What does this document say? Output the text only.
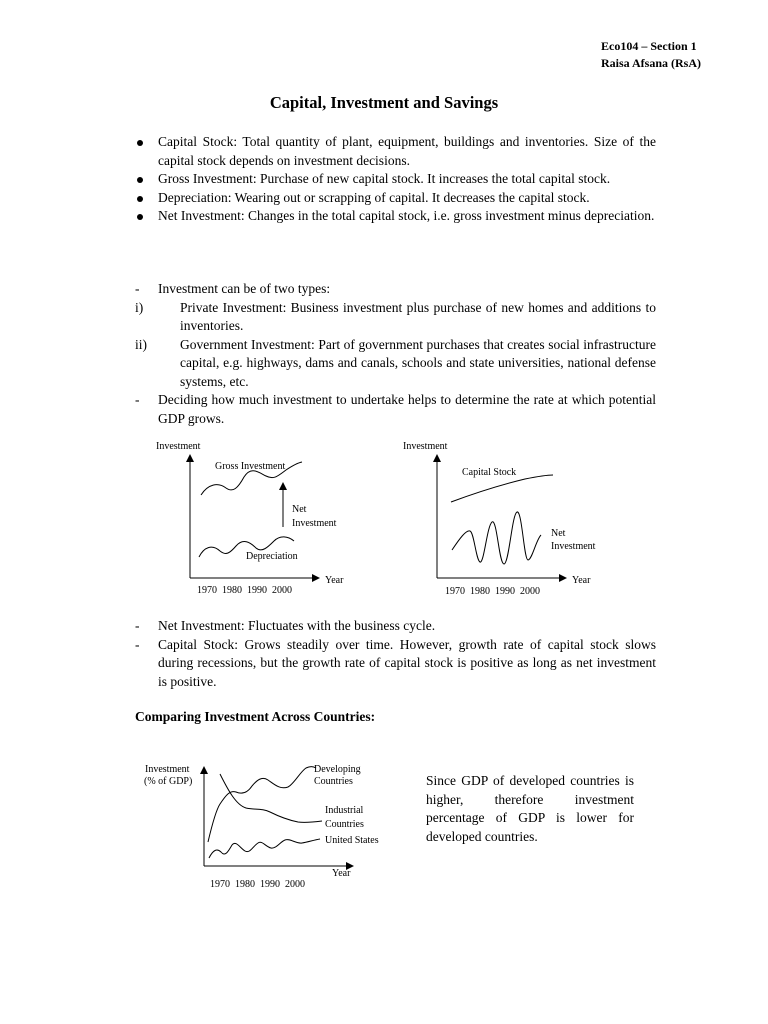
Eco104 – Section 1
Raisa Afsana (RsA)
Capital, Investment and Savings
Capital Stock: Total quantity of plant, equipment, buildings and inventories. Size of the capital stock depends on investment decisions.
Gross Investment: Purchase of new capital stock. It increases the total capital stock.
Depreciation: Wearing out or scrapping of capital. It decreases the capital stock.
Net Investment: Changes in the total capital stock, i.e. gross investment minus depreciation.
- Investment can be of two types:
i)	Private Investment: Business investment plus purchase of new homes and additions to inventories.
ii) Government Investment: Part of government purchases that creates social infrastructure capital, e.g. highways, dams and canals, schools and state universities, national defense systems, etc.
- Deciding how much investment to undertake helps to determine the rate at which potential GDP grows.
Investment
Year
1970  1980  1990  2000
Gross Investment
Net
Investment
Depreciation
Investment
Year
1970  1980  1990  2000
Capital Stock
Net
Investment
- Net Investment: Fluctuates with the business cycle.
- Capital Stock: Grows steadily over time. However, growth rate of capital stock slows during recessions, but the growth rate of capital stock is positive as long as net investment is positive.
Comparing Investment Across Countries:
Investment
(% of GDP)
Year
1970  1980  1990  2000
Developing
Countries
Industrial
Countries
United States
Since GDP of developed countries is higher, therefore investment percentage of GDP is lower for developed countries.
